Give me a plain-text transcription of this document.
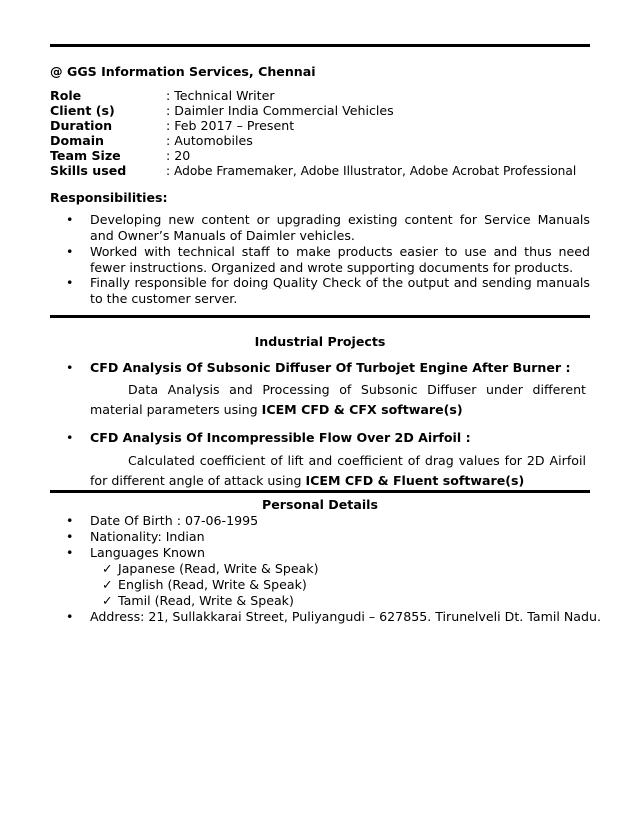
@ GGS Information Services, Chennai
Role	: Technical Writer
Client (s)	: Daimler India Commercial Vehicles
Duration	: Feb 2017 – Present
Domain	: Automobiles
Team Size	: 20
Skills used	: Adobe Framemaker, Adobe Illustrator, Adobe Acrobat Professional
Responsibilities:
•	Developing new content or upgrading existing content for Service Manuals and Owner’s Manuals of Daimler vehicles.
•	Worked with technical staff to make products easier to use and thus need fewer instructions. Organized and wrote supporting documents for products.
•	Finally responsible for doing Quality Check of the output and sending manuals to the customer server.
Industrial Projects
•	CFD Analysis Of Subsonic Diffuser Of Turbojet Engine After Burner :
Data Analysis and Processing of Subsonic Diffuser under different material parameters using ICEM CFD & CFX software(s)
•	CFD Analysis Of Incompressible Flow Over 2D Airfoil :
Calculated coefficient of lift and coefficient of drag values for 2D Airfoil for different angle of attack using ICEM CFD & Fluent software(s)
Personal Details
•	Date Of Birth : 07-06-1995
•	Nationality: Indian
•	Languages Known
✓ Japanese (Read, Write & Speak)
✓ English (Read, Write & Speak)
✓ Tamil (Read, Write & Speak)
•	Address: 21, Sullakkarai Street, Puliyangudi – 627855. Tirunelveli Dt. Tamil Nadu.
